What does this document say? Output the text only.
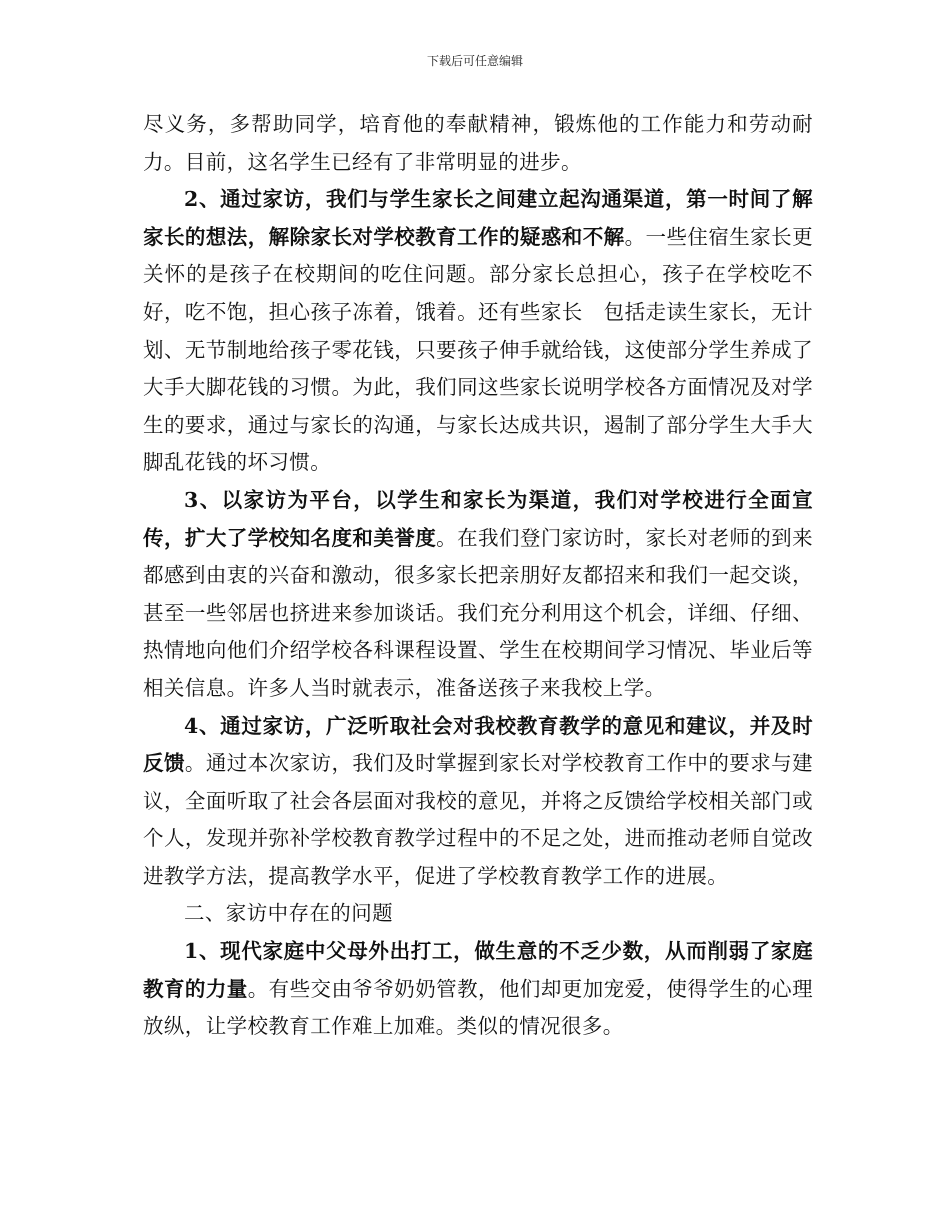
下载后可任意编辑

尽义务，多帮助同学，培育他的奉献精神，锻炼他的工作能力和劳动耐力。目前，这名学生已经有了非常明显的进步。

2、通过家访，我们与学生家长之间建立起沟通渠道，第一时间了解家长的想法，解除家长对学校教育工作的疑惑和不解。一些住宿生家长更关怀的是孩子在校期间的吃住问题。部分家长总担心，孩子在学校吃不好，吃不饱，担心孩子冻着，饿着。还有些家长　包括走读生家长，无计划、无节制地给孩子零花钱，只要孩子伸手就给钱，这使部分学生养成了大手大脚花钱的习惯。为此，我们同这些家长说明学校各方面情况及对学生的要求，通过与家长的沟通，与家长达成共识，遏制了部分学生大手大脚乱花钱的坏习惯。

3、以家访为平台，以学生和家长为渠道，我们对学校进行全面宣传，扩大了学校知名度和美誉度。在我们登门家访时，家长对老师的到来都感到由衷的兴奋和激动，很多家长把亲朋好友都招来和我们一起交谈，甚至一些邻居也挤进来参加谈话。我们充分利用这个机会，详细、仔细、热情地向他们介绍学校各科课程设置、学生在校期间学习情况、毕业后等相关信息。许多人当时就表示，准备送孩子来我校上学。

4、通过家访，广泛听取社会对我校教育教学的意见和建议，并及时反馈。通过本次家访，我们及时掌握到家长对学校教育工作中的要求与建议，全面听取了社会各层面对我校的意见，并将之反馈给学校相关部门或个人，发现并弥补学校教育教学过程中的不足之处，进而推动老师自觉改进教学方法，提高教学水平，促进了学校教育教学工作的进展。

二、家访中存在的问题

1、现代家庭中父母外出打工，做生意的不乏少数，从而削弱了家庭教育的力量。有些交由爷爷奶奶管教，他们却更加宠爱，使得学生的心理放纵，让学校教育工作难上加难。类似的情况很多。
